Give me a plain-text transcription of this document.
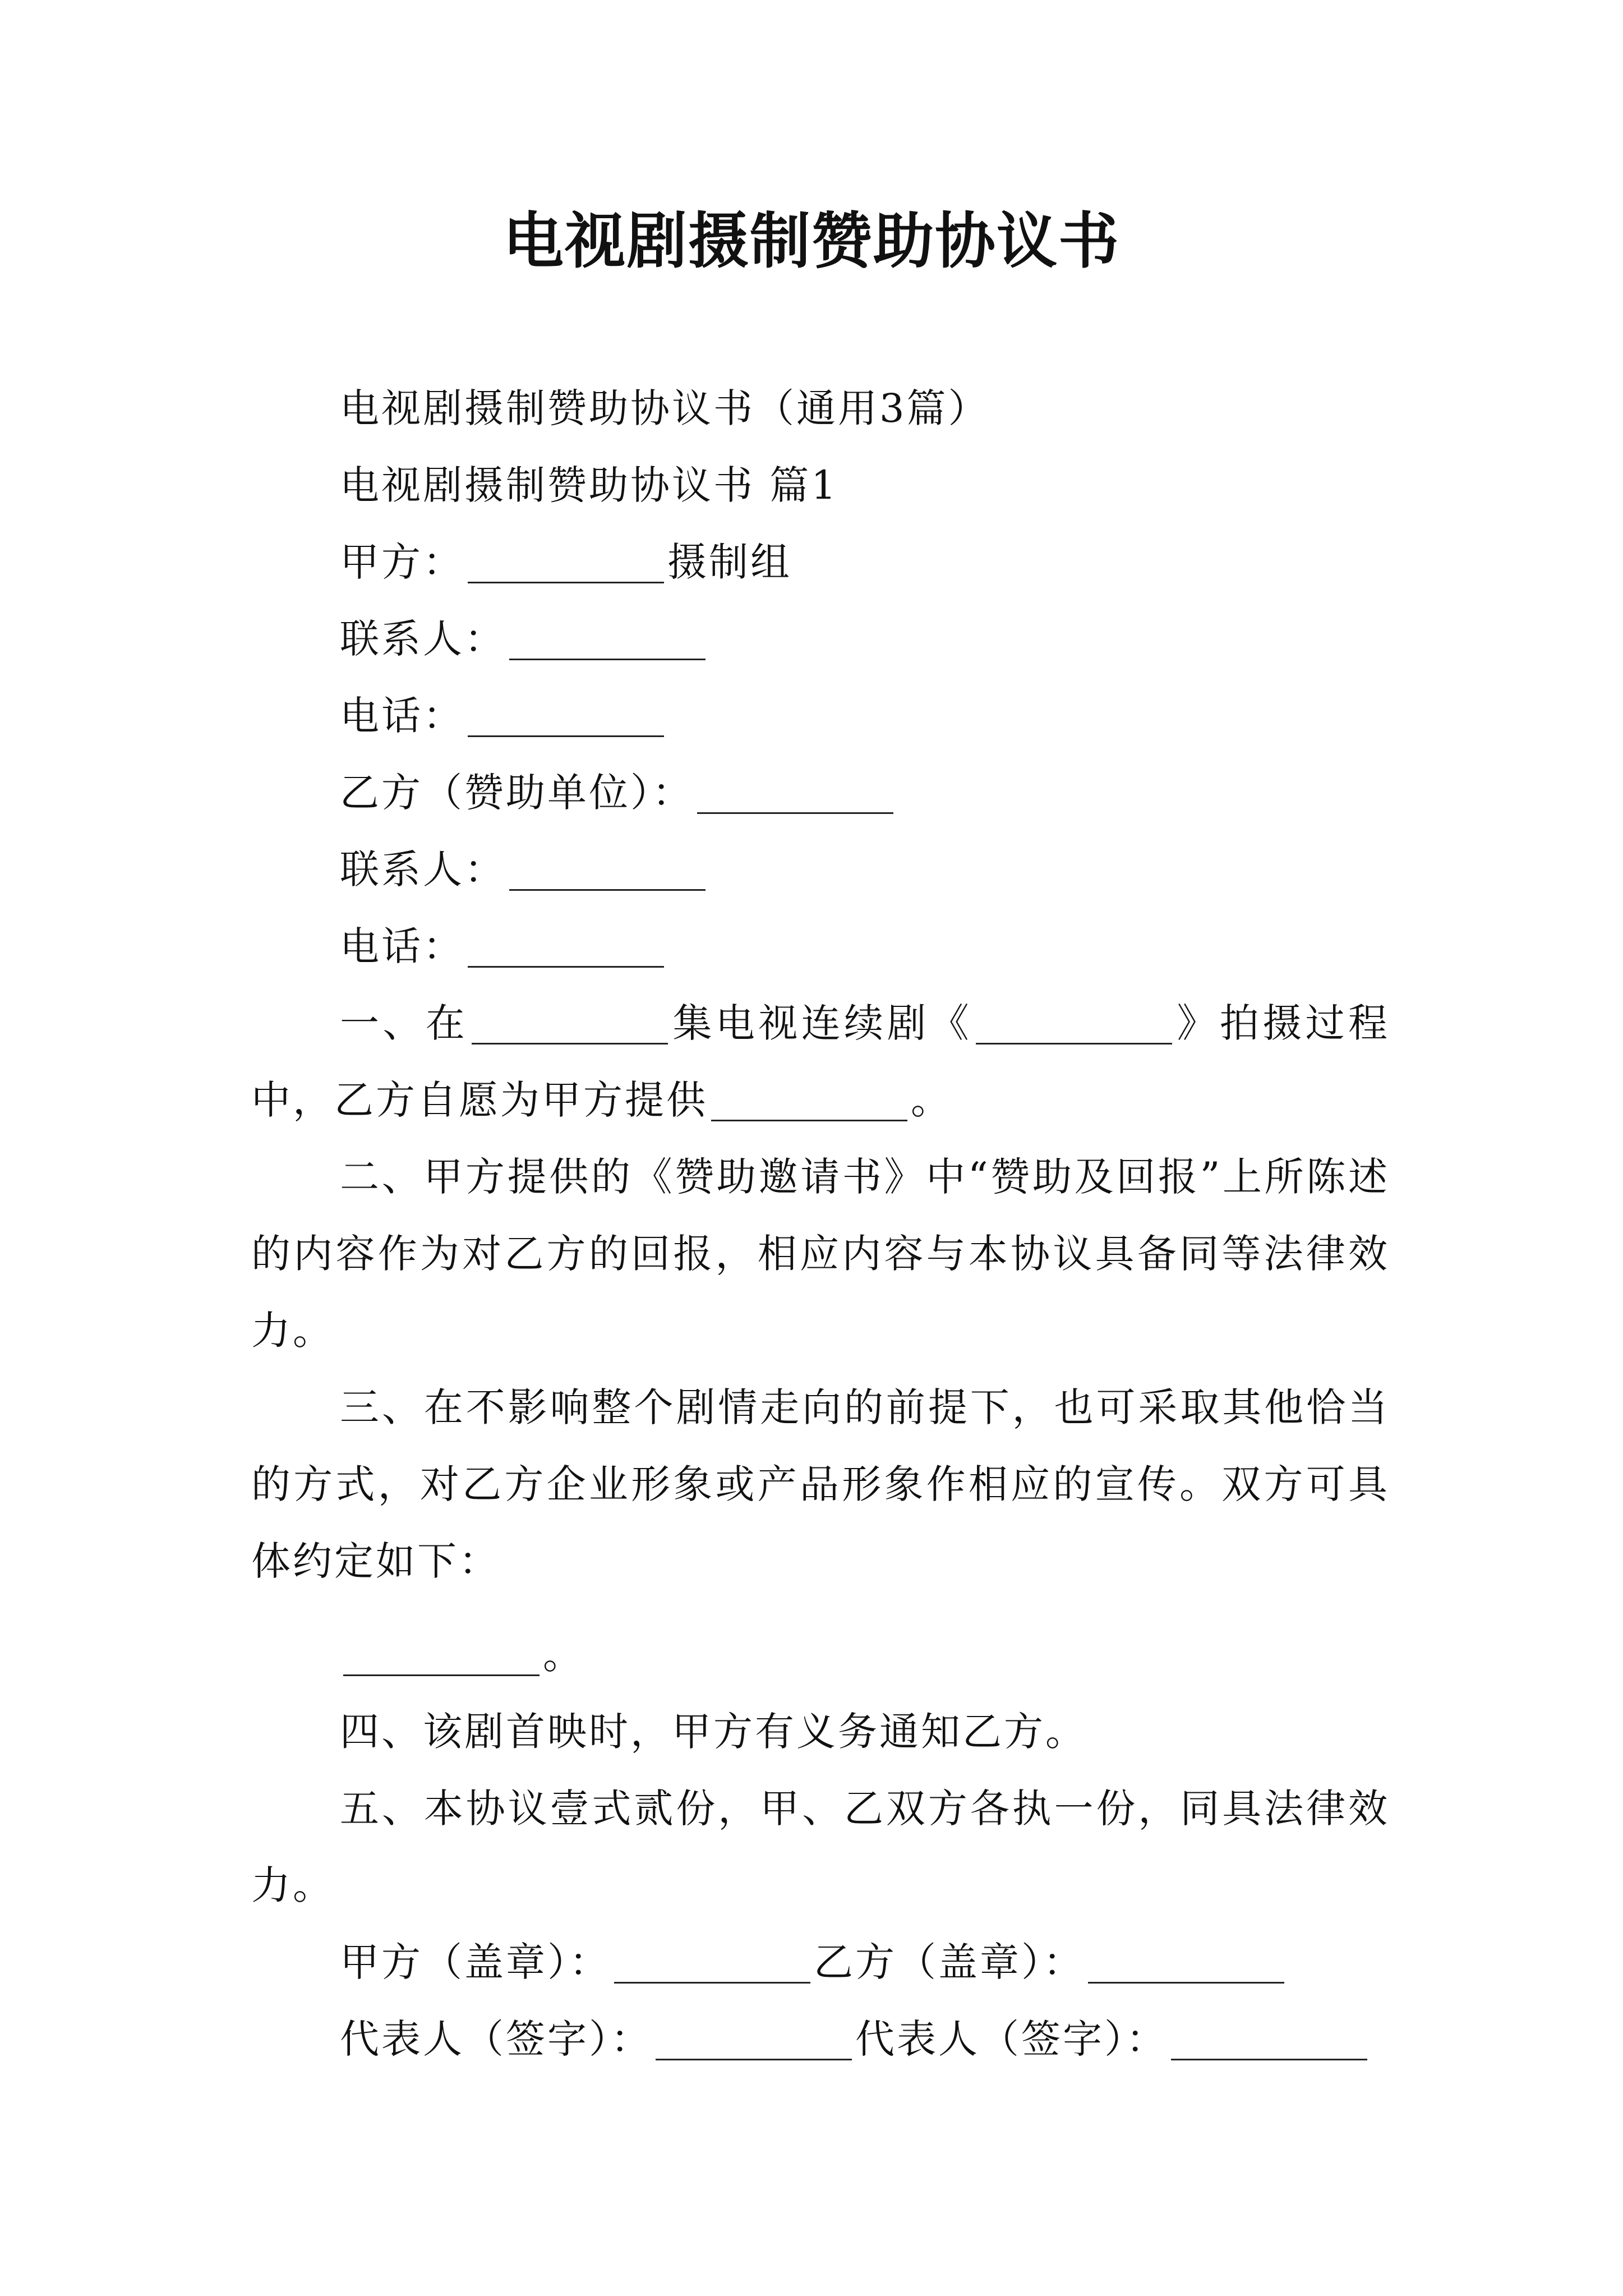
电视剧摄制赞助协议书

电视剧摄制赞助协议书（通用3篇）

电视剧摄制赞助协议书 篇1

甲方：	摄制组

联系人：

电话：

乙方（赞助单位）：

联系人：

电话：

一、在	集电视连续剧《	》拍摄过程中，乙方自愿为甲方提供	。

二、甲方提供的《赞助邀请书》中“赞助及回报”上所陈述的内容作为对乙方的回报，相应内容与本协议具备同等法律效力。

三、在不影响整个剧情走向的前提下，也可采取其他恰当的方式，对乙方企业形象或产品形象作相应的宣传。双方可具体约定如下：

。

四、该剧首映时，甲方有义务通知乙方。

五、本协议壹式贰份，甲、乙双方各执一份，同具法律效力。

甲方（盖章）：	乙方（盖章）：

代表人（签字）：	代表人（签字）：
